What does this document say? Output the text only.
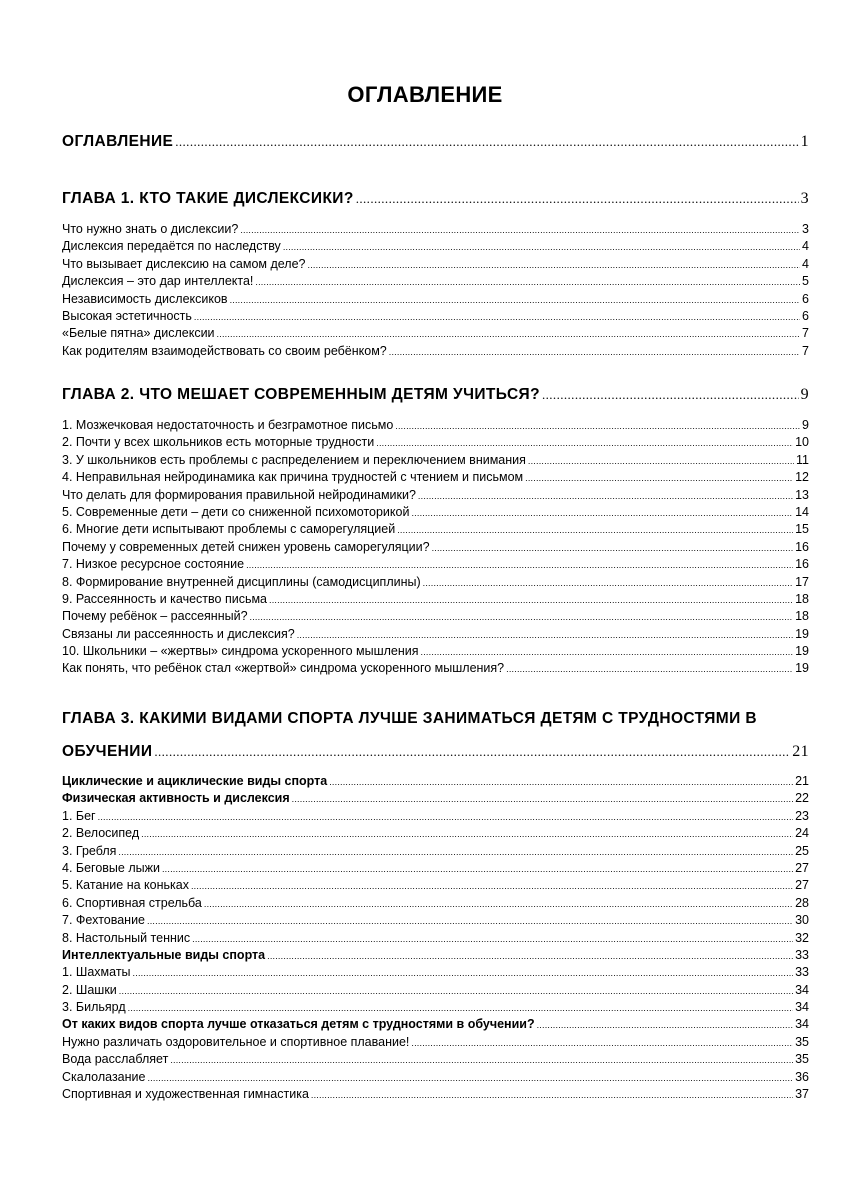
ОГЛАВЛЕНИЕ
ОГЛАВЛЕНИЕ .....	1
ГЛАВА 1. КТО ТАКИЕ ДИСЛЕКСИКИ? .....	3
Что нужно знать о дислексии? .....	3
Дислексия передаётся по наследству .....	4
Что вызывает дислексию на самом деле? .....	4
Дислексия – это дар интеллекта! .....	5
Независимость дислексиков .....	6
Высокая эстетичность .....	6
«Белые пятна» дислексии .....	7
Как родителям взаимодействовать со своим ребёнком? .....	7
ГЛАВА 2. ЧТО МЕШАЕТ СОВРЕМЕННЫМ ДЕТЯМ УЧИТЬСЯ? .....	9
1. Мозжечковая недостаточность и безграмотное письмо .....	9
2. Почти у всех школьников есть моторные трудности .....	10
3. У школьников есть проблемы с распределением и переключением внимания .....	11
4. Неправильная нейродинамика как причина трудностей с чтением и письмом .....	12
Что делать для формирования правильной нейродинамики? .....	13
5. Современные дети – дети со сниженной психомоторикой .....	14
6. Многие дети испытывают проблемы с саморегуляцией .....	15
Почему у современных детей снижен уровень саморегуляции? .....	16
7. Низкое ресурсное состояние .....	16
8. Формирование внутренней дисциплины (самодисциплины) .....	17
9. Рассеянность и качество письма .....	18
Почему ребёнок – рассеянный? .....	18
Связаны ли рассеянность и дислексия? .....	19
10. Школьники – «жертвы» синдрома ускоренного мышления .....	19
Как понять, что ребёнок стал «жертвой» синдрома ускоренного мышления? .....	19
ГЛАВА 3. КАКИМИ ВИДАМИ СПОРТА ЛУЧШЕ ЗАНИМАТЬСЯ ДЕТЯМ С ТРУДНОСТЯМИ В
ОБУЧЕНИИ .....	21
Циклические и ациклические виды спорта .....	21
Физическая активность и дислексия .....	22
1. Бег .....	23
2. Велосипед .....	24
3. Гребля .....	25
4. Беговые лыжи .....	27
5. Катание на коньках .....	27
6. Спортивная стрельба .....	28
7. Фехтование .....	30
8. Настольный теннис .....	32
Интеллектуальные виды спорта .....	33
1. Шахматы .....	33
2. Шашки .....	34
3. Бильярд .....	34
От каких видов спорта лучше отказаться детям с трудностями в обучении? .....	34
Нужно различать оздоровительное и спортивное плавание! .....	35
Вода расслабляет .....	35
Скалолазание .....	36
Спортивная и художественная гимнастика .....	37
